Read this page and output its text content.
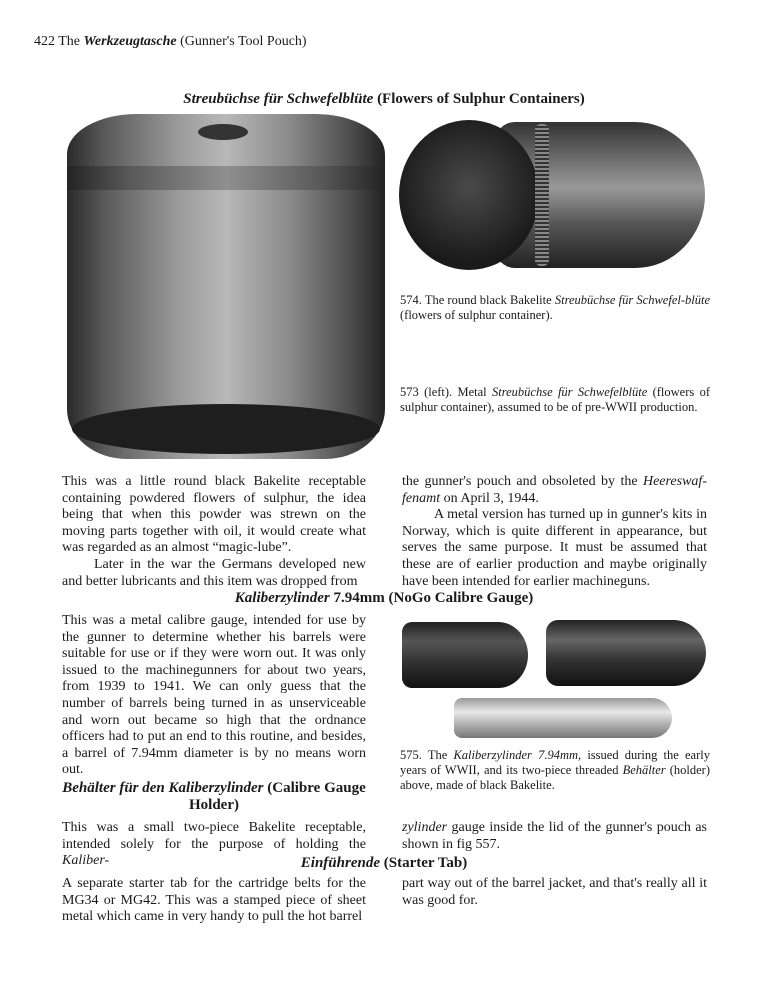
422 The Werkzeugtasche (Gunner's Tool Pouch)
Streubüchse für Schwefelblüte (Flowers of Sulphur Containers)
574. The round black Bakelite Streubüchse für Schwefel-blüte (flowers of sulphur container).
573 (left). Metal Streubüchse für Schwefelblüte (flowers of sulphur container), assumed to be of pre-WWII production.

This was a little round black Bakelite receptable containing powdered flowers of sulphur, the idea being that when this powder was strewn on the moving parts together with oil, it would create what was regarded as an almost “magic-lube”.

Later in the war the Germans developed new and better lubricants and this item was dropped from

the gunner's pouch and obsoleted by the Heereswaf-fenamt on April 3, 1944.

A metal version has turned up in gunner's kits in Norway, which is quite different in appearance, but serves the same purpose. It must be assumed that these are of earlier production and maybe originally have been intended for earlier machineguns.

Kaliberzylinder 7.94mm (NoGo Calibre Gauge)

This was a metal calibre gauge, intended for use by the gunner to determine whether his barrels were suitable for use or if they were worn out. It was only issued to the machinegunners for about two years, from 1939 to 1941. We can only guess that the number of barrels being turned in as unserviceable and worn out became so high that the ordnance officers had to put an end to this routine, and besides, a barrel of 7.94mm diameter is by no means worn out.

575. The Kaliberzylinder 7.94mm, issued during the early years of WWII, and its two-piece threaded Behälter (holder) above, made of black Bakelite.
Behälter für den Kaliberzylinder (Calibre Gauge Holder)

This was a small two-piece Bakelite receptable, intended solely for the purpose of holding the Kaliber-

zylinder gauge inside the lid of the gunner's pouch as shown in fig 557.

Einführende (Starter Tab)

A separate starter tab for the cartridge belts for the MG34 or MG42. This was a stamped piece of sheet metal which came in very handy to pull the hot barrel

part way out of the barrel jacket, and that's really all it was good for.
